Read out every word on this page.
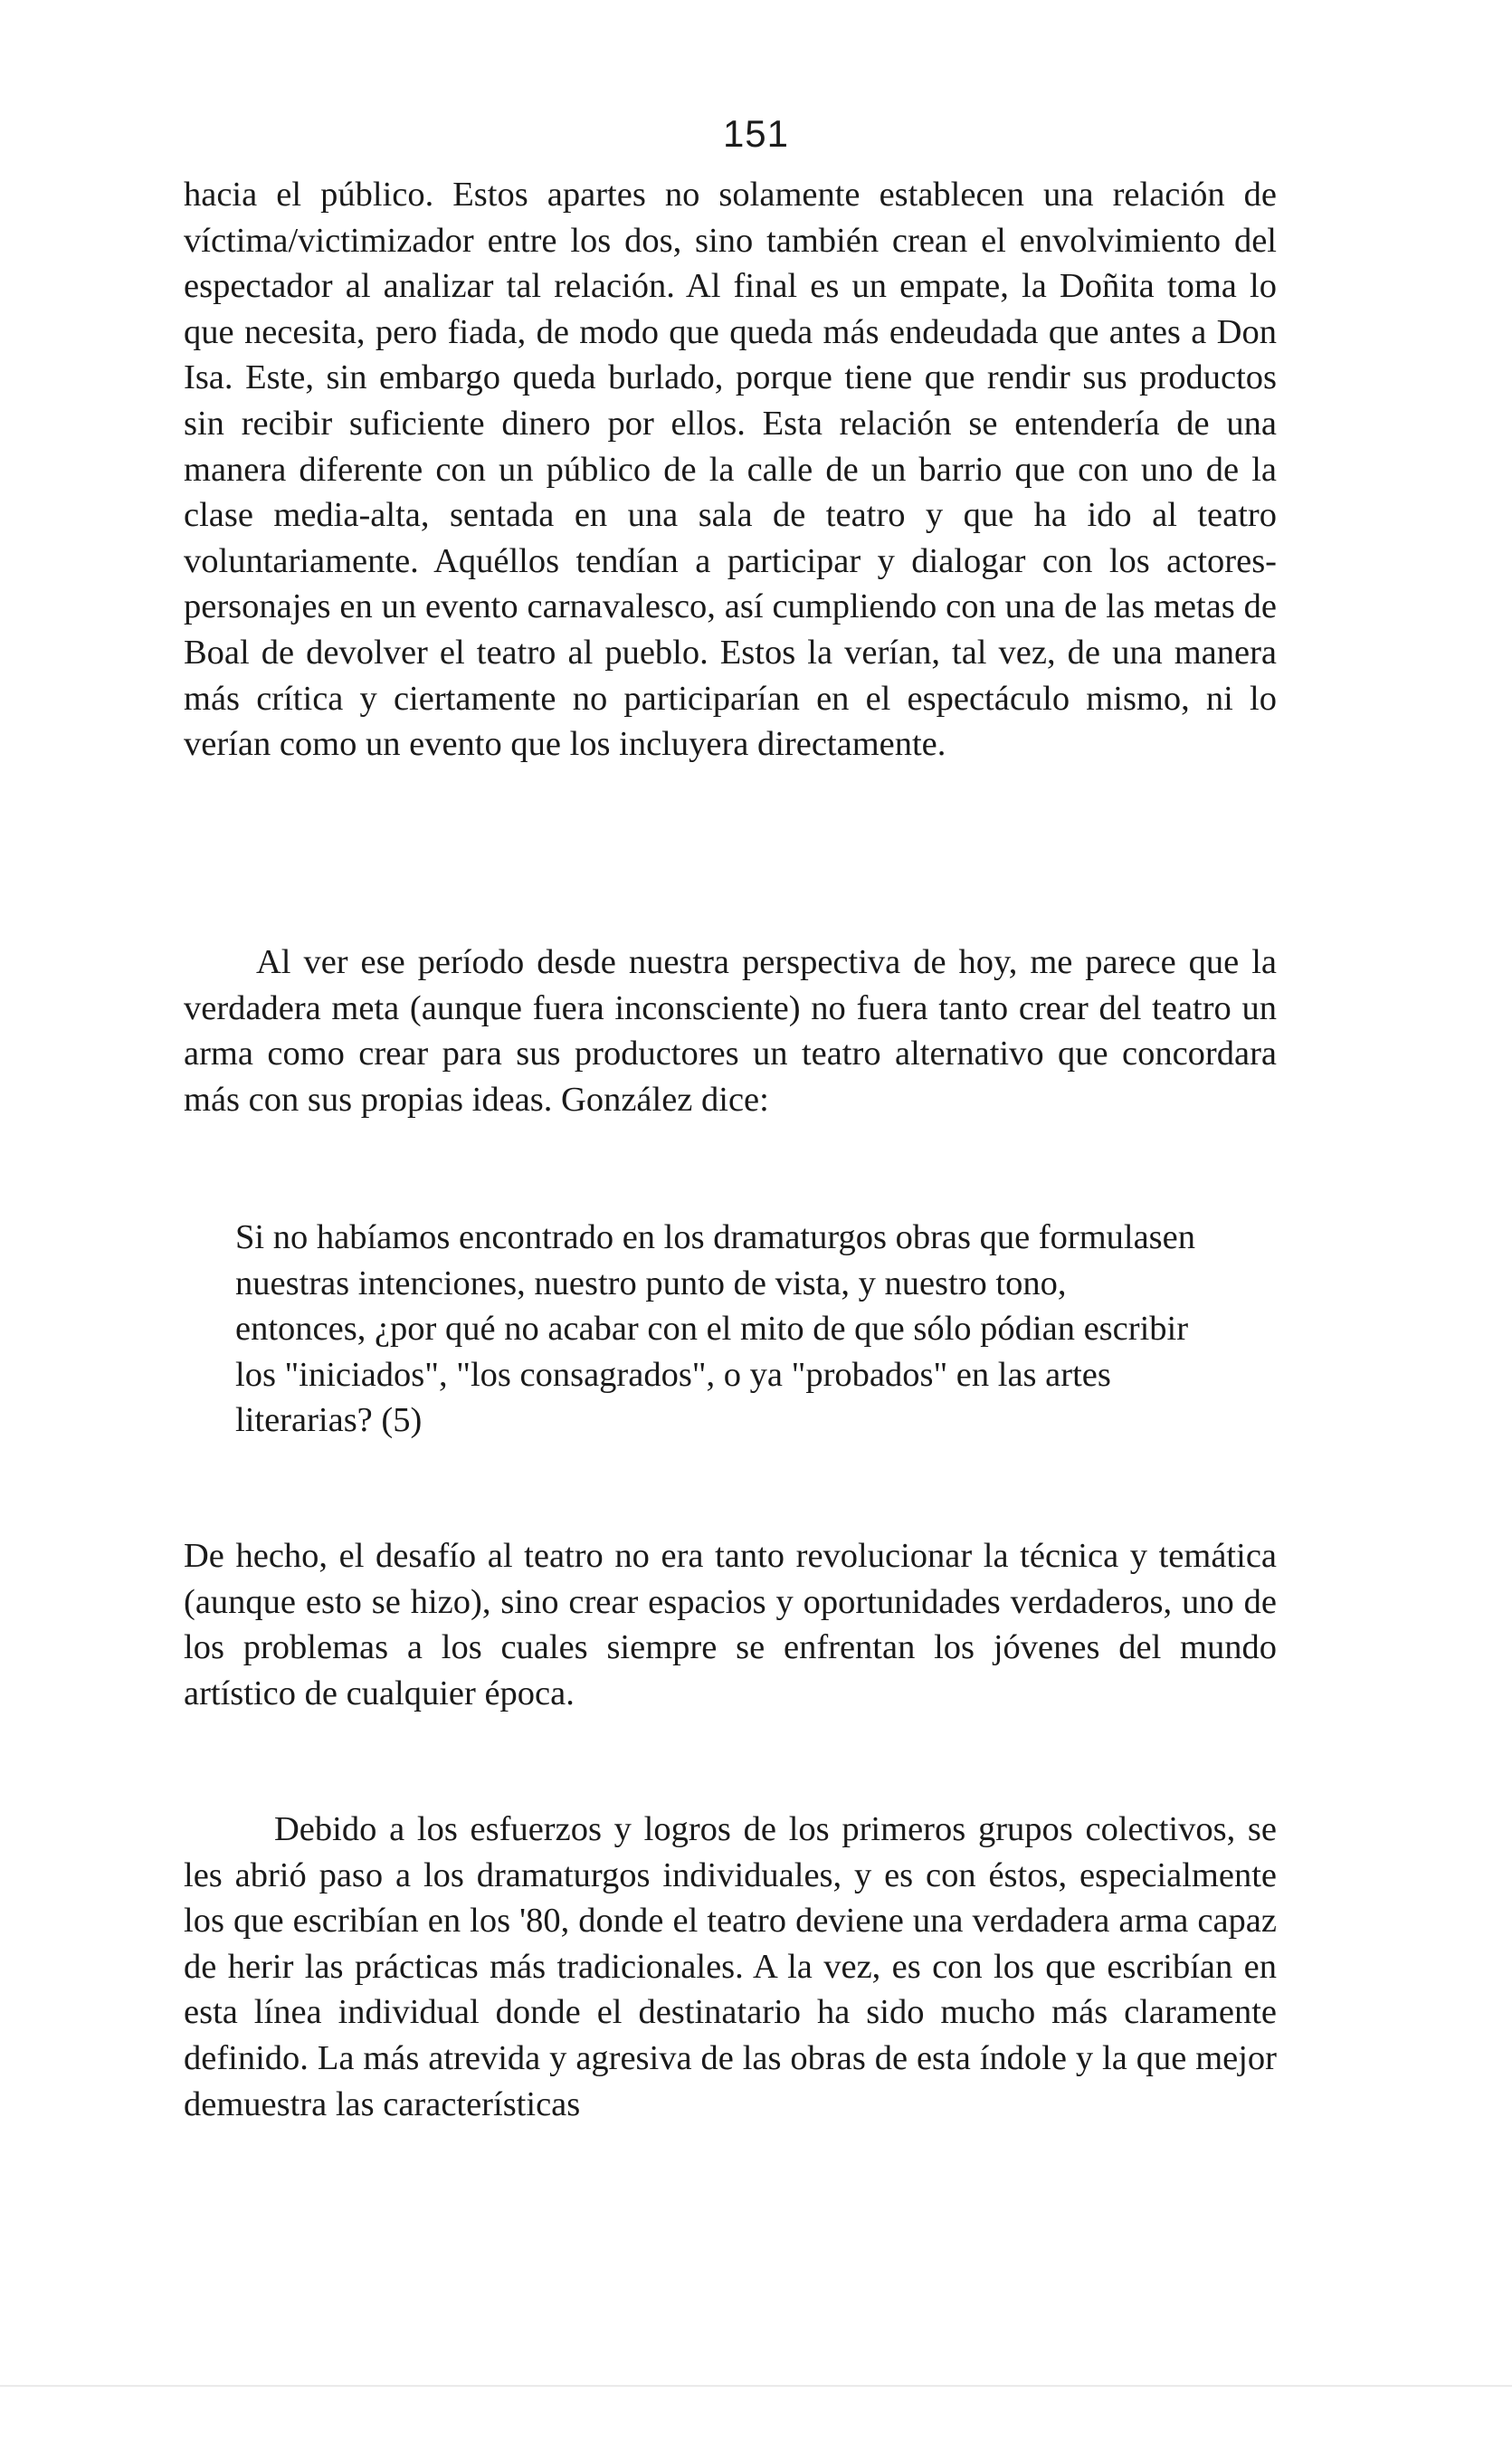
151

hacia el público. Estos apartes no solamente establecen una relación de víctima/victimizador entre los dos, sino también crean el envolvimiento del espectador al analizar tal relación. Al final es un empate, la Doñita toma lo que necesita, pero fiada, de modo que queda más endeudada que antes a Don Isa. Este, sin embargo queda burlado, porque tiene que rendir sus productos sin recibir suficiente dinero por ellos. Esta relación se entendería de una manera diferente con un público de la calle de un barrio que con uno de la clase media-alta, sentada en una sala de teatro y que ha ido al teatro voluntariamente. Aquéllos tendían a participar y dialogar con los actores-personajes en un evento carnavalesco, así cumpliendo con una de las metas de Boal de devolver el teatro al pueblo. Estos la verían, tal vez, de una manera más crítica y ciertamente no participarían en el espectáculo mismo, ni lo verían como un evento que los incluyera directamente.

Al ver ese período desde nuestra perspectiva de hoy, me parece que la verdadera meta (aunque fuera inconsciente) no fuera tanto crear del teatro un arma como crear para sus productores un teatro alternativo que concordara más con sus propias ideas. González dice:

Si no habíamos encontrado en los dramaturgos obras que formulasen nuestras intenciones, nuestro punto de vista, y nuestro tono, entonces, ¿por qué no acabar con el mito de que sólo pódian escribir los "iniciados", "los consagrados", o ya "probados" en las artes literarias? (5)

De hecho, el desafío al teatro no era tanto revolucionar la técnica y temática (aunque esto se hizo), sino crear espacios y oportunidades verdaderos, uno de los problemas a los cuales siempre se enfrentan los jóvenes del mundo artístico de cualquier época.

Debido a los esfuerzos y logros de los primeros grupos colectivos, se les abrió paso a los dramaturgos individuales, y es con éstos, especialmente los que escribían en los '80, donde el teatro deviene una verdadera arma capaz de herir las prácticas más tradicionales. A la vez, es con los que escribían en esta línea individual donde el destinatario ha sido mucho más claramente definido. La más atrevida y agresiva de las obras de esta índole y la que mejor demuestra las características
